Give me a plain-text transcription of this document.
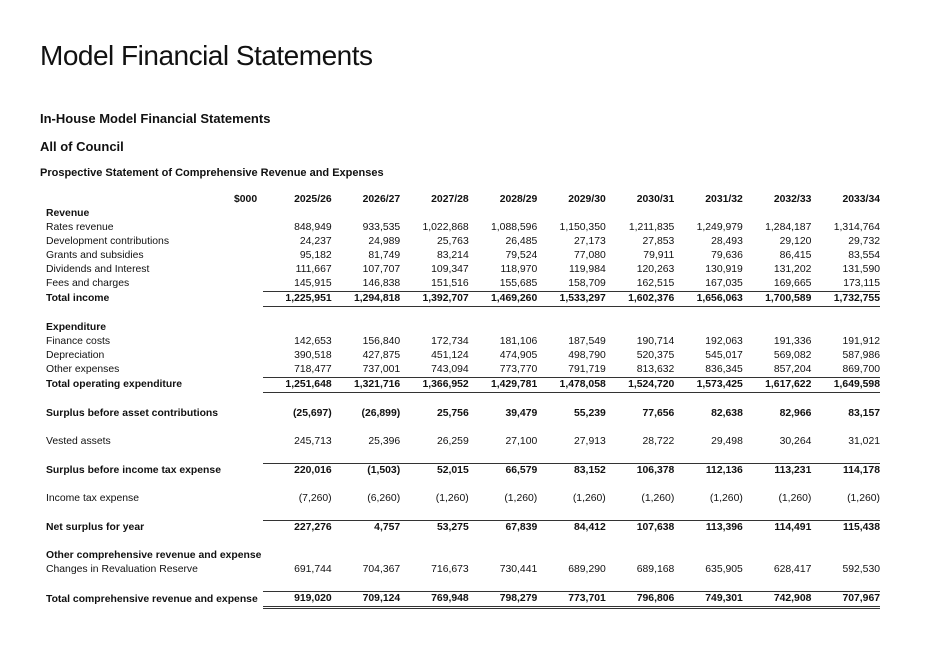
Model Financial Statements
In-House Model Financial Statements
All of Council
Prospective Statement of Comprehensive Revenue and Expenses
$000	2025/26	2026/27	2027/28	2028/29	2029/30	2030/31	2031/32	2032/33	2033/34
Revenue									
Rates revenue	848,949	933,535	1,022,868	1,088,596	1,150,350	1,211,835	1,249,979	1,284,187	1,314,764
Development contributions	24,237	24,989	25,763	26,485	27,173	27,853	28,493	29,120	29,732
Grants and subsidies	95,182	81,749	83,214	79,524	77,080	79,911	79,636	86,415	83,554
Dividends and Interest	111,667	107,707	109,347	118,970	119,984	120,263	130,919	131,202	131,590
Fees and charges	145,915	146,838	151,516	155,685	158,709	162,515	167,035	169,665	173,115
Total income	1,225,951	1,294,818	1,392,707	1,469,260	1,533,297	1,602,376	1,656,063	1,700,589	1,732,755

Expenditure									
Finance costs	142,653	156,840	172,734	181,106	187,549	190,714	192,063	191,336	191,912
Depreciation	390,518	427,875	451,124	474,905	498,790	520,375	545,017	569,082	587,986
Other expenses	718,477	737,001	743,094	773,770	791,719	813,632	836,345	857,204	869,700
Total operating expenditure	1,251,648	1,321,716	1,366,952	1,429,781	1,478,058	1,524,720	1,573,425	1,617,622	1,649,598

Surplus before asset contributions	(25,697)	(26,899)	25,756	39,479	55,239	77,656	82,638	82,966	83,157

Vested assets	245,713	25,396	26,259	27,100	27,913	28,722	29,498	30,264	31,021

Surplus before income tax expense	220,016	(1,503)	52,015	66,579	83,152	106,378	112,136	113,231	114,178

Income tax expense	(7,260)	(6,260)	(1,260)	(1,260)	(1,260)	(1,260)	(1,260)	(1,260)	(1,260)

Net surplus for year	227,276	4,757	53,275	67,839	84,412	107,638	113,396	114,491	115,438

Other comprehensive revenue and expense									
Changes in Revaluation Reserve	691,744	704,367	716,673	730,441	689,290	689,168	635,905	628,417	592,530

Total comprehensive revenue and expense	919,020	709,124	769,948	798,279	773,701	796,806	749,301	742,908	707,967
